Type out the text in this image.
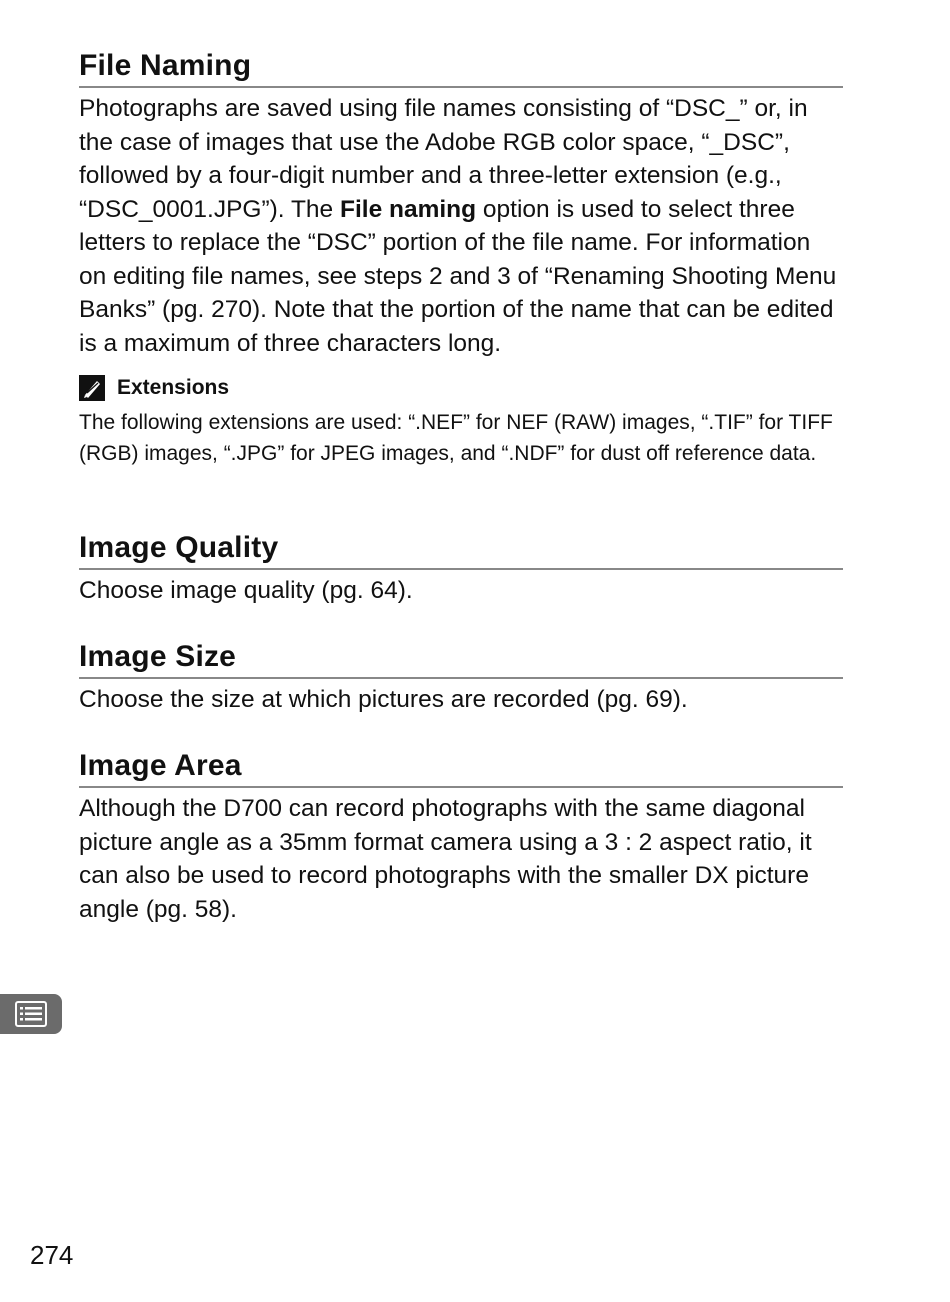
File Naming

Photographs are saved using file names consisting of “DSC_” or, in the case of images that use the Adobe RGB color space, “_DSC”, followed by a four-digit number and a three-letter extension (e.g., “DSC_0001.JPG”). The File naming option is used to select three letters to replace the “DSC” portion of the file name. For information on editing file names, see steps 2 and 3 of “Renaming Shooting Menu Banks” (pg. 270). Note that the portion of the name that can be edited is a maximum of three characters long.

Extensions

The following extensions are used: “.NEF” for NEF (RAW) images, “.TIF” for TIFF (RGB) images, “.JPG” for JPEG images, and “.NDF” for dust off reference data.

Image Quality

Choose image quality (pg. 64).

Image Size

Choose the size at which pictures are recorded (pg. 69).

Image Area

Although the D700 can record photographs with the same diagonal picture angle as a 35mm format camera using a 3 : 2 aspect ratio, it can also be used to record photographs with the smaller DX picture angle (pg. 58).

274
